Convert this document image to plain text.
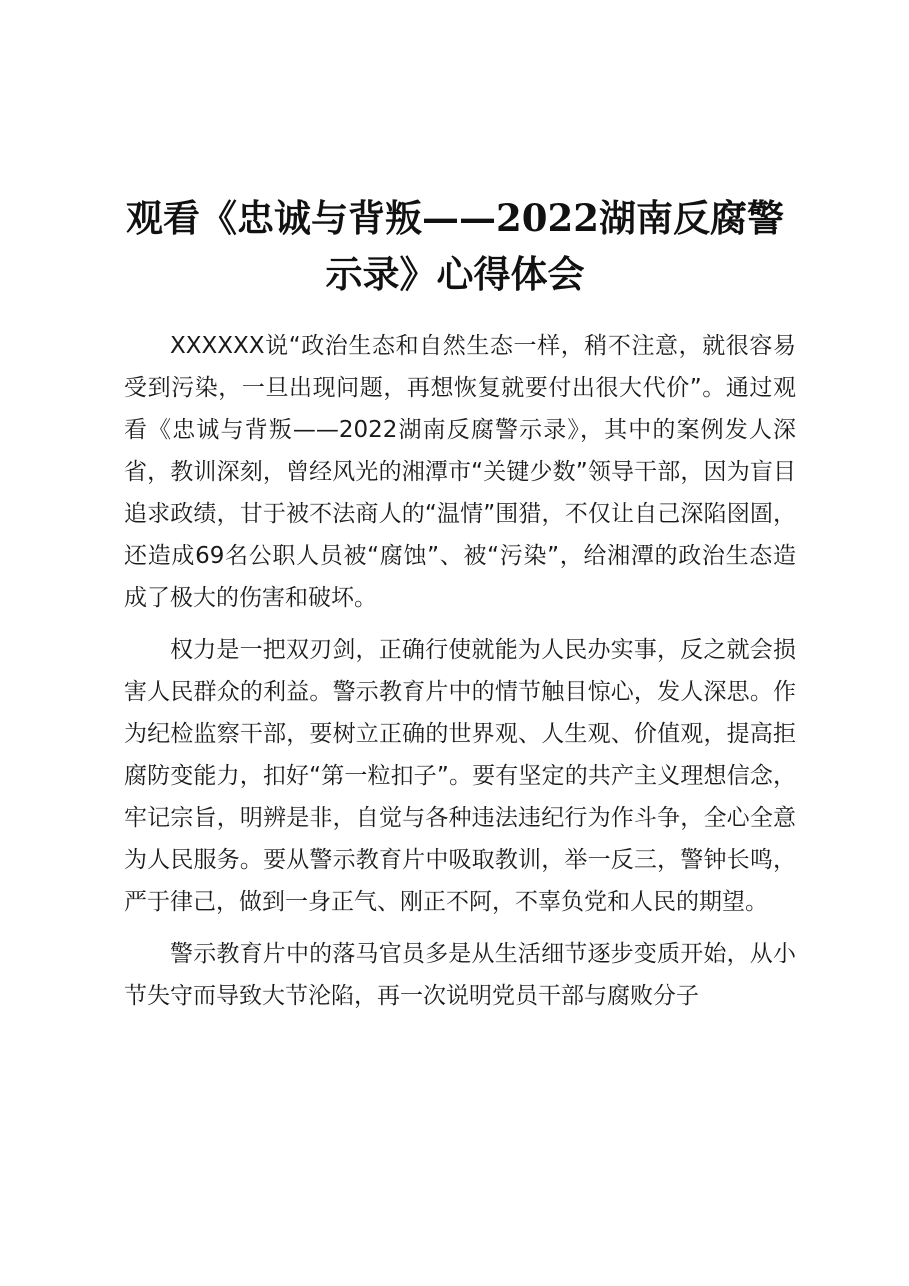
观看《忠诚与背叛——2022湖南反腐警示录》心得体会

XXXXXX说“政治生态和自然生态一样，稍不注意，就很容易受到污染，一旦出现问题，再想恢复就要付出很大代价”。通过观看《忠诚与背叛——2022湖南反腐警示录》，其中的案例发人深省，教训深刻，曾经风光的湘潭市“关键少数”领导干部，因为盲目追求政绩，甘于被不法商人的“温情”围猎，不仅让自己深陷囹圄，还造成69名公职人员被“腐蚀”、被“污染”，给湘潭的政治生态造成了极大的伤害和破坏。

权力是一把双刃剑，正确行使就能为人民办实事，反之就会损害人民群众的利益。警示教育片中的情节触目惊心，发人深思。作为纪检监察干部，要树立正确的世界观、人生观、价值观，提高拒腐防变能力，扣好“第一粒扣子”。要有坚定的共产主义理想信念，牢记宗旨，明辨是非，自觉与各种违法违纪行为作斗争，全心全意为人民服务。要从警示教育片中吸取教训，举一反三，警钟长鸣，严于律己，做到一身正气、刚正不阿，不辜负党和人民的期望。

警示教育片中的落马官员多是从生活细节逐步变质开始，从小节失守而导致大节沦陷，再一次说明党员干部与腐败分子
